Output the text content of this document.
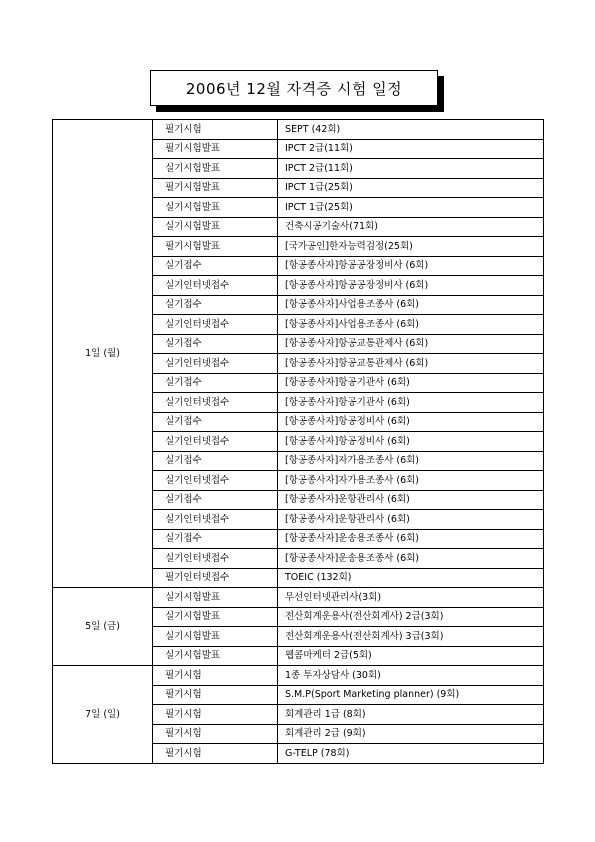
2006년 12월 자격증 시험 일정
1일 (월)	필기시험	SEPT (42회)
	필기시험발표	IPCT 2급(11회)
	실기시험발표	IPCT 2급(11회)
	필기시험발표	IPCT 1급(25회)
	실기시험발표	IPCT 1급(25회)
	실기시험발표	건축시공기술사(71회)
	필기시험발표	[국가공인]한자능력검정(25회)
	실기접수	[항공종사자]항공공장정비사 (6회)
	실기인터넷접수	[항공종사자]항공공장정비사 (6회)
	실기접수	[항공종사자]사업용조종사 (6회)
	실기인터넷접수	[항공종사자]사업용조종사 (6회)
	실기접수	[항공종사자]항공교통관제사 (6회)
	실기인터넷접수	[항공종사자]항공교통관제사 (6회)
	실기접수	[항공종사자]항공기관사 (6회)
	실기인터넷접수	[항공종사자]항공기관사 (6회)
	실기접수	[항공종사자]항공정비사 (6회)
	실기인터넷접수	[항공종사자]항공정비사 (6회)
	실기접수	[항공종사자]자가용조종사 (6회)
	실기인터넷접수	[항공종사자]자가용조종사 (6회)
	실기접수	[항공종사자]운항관리사 (6회)
	실기인터넷접수	[항공종사자]운항관리사 (6회)
	실기접수	[항공종사자]운송용조종사 (6회)
	실기인터넷접수	[항공종사자]운송용조종사 (6회)
	필기인터넷접수	TOEIC (132회)
5일 (금)	실기시험발표	무선인터넷관리사(3회)
	실기시험발표	전산회계운용사(전산회계사) 2급(3회)
	실기시험발표	전산회계운용사(전산회계사) 3급(3회)
	실기시험발표	웹콤마케터 2급(5회)
7일 (일)	필기시험	1종 투자상담사 (30회)
	필기시험	S.M.P(Sport Marketing planner) (9회)
	필기시험	회계관리 1급 (8회)
	필기시험	회계관리 2급 (9회)
	필기시험	G-TELP (78회)
